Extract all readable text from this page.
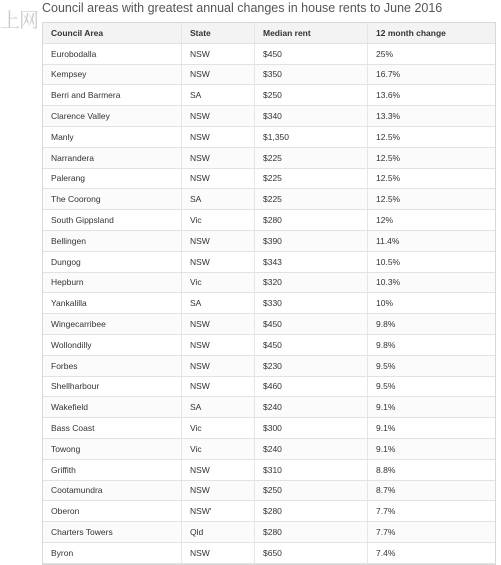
上网 Council areas with greatest annual changes in house rents to June 2016
Council Area	State	Median rent	12 month change
Eurobodalla	NSW	$450	25%
Kempsey	NSW	$350	16.7%
Berri and Barmera	SA	$250	13.6%
Clarence Valley	NSW	$340	13.3%
Manly	NSW	$1,350	12.5%
Narrandera	NSW	$225	12.5%
Palerang	NSW	$225	12.5%
The Coorong	SA	$225	12.5%
South Gippsland	Vic	$280	12%
Bellingen	NSW	$390	11.4%
Dungog	NSW	$343	10.5%
Hepburn	Vic	$320	10.3%
Yankalilla	SA	$330	10%
Wingecarribee	NSW	$450	9.8%
Wollondilly	NSW	$450	9.8%
Forbes	NSW	$230	9.5%
Shellharbour	NSW	$460	9.5%
Wakefield	SA	$240	9.1%
Bass Coast	Vic	$300	9.1%
Towong	Vic	$240	9.1%
Griffith	NSW	$310	8.8%
Cootamundra	NSW	$250	8.7%
Oberon	NSW'	$280	7.7%
Charters Towers	Qld	$280	7.7%
Byron	NSW	$650	7.4%
